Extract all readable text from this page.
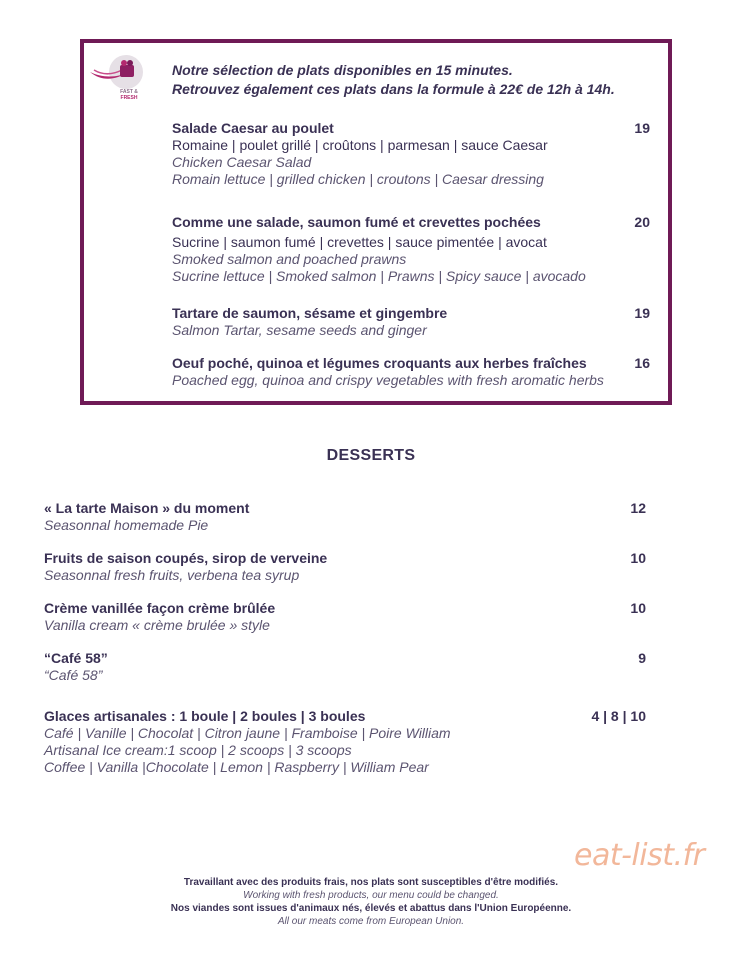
FAST &
FRESH
Notre sélection de plats disponibles en 15 minutes.
Retrouvez également ces plats dans la formule à 22€ de 12h à 14h.
Salade Caesar au poulet	19
Romaine | poulet grillé | croûtons | parmesan | sauce Caesar
Chicken Caesar Salad
Romain lettuce | grilled chicken | croutons | Caesar dressing
Comme une salade, saumon fumé et crevettes pochées	20
Sucrine | saumon fumé | crevettes | sauce pimentée | avocat
Smoked salmon and poached prawns
Sucrine lettuce | Smoked salmon | Prawns | Spicy sauce | avocado
Tartare de saumon, sésame et gingembre	19
Salmon Tartar, sesame seeds and ginger
Oeuf poché, quinoa et légumes croquants aux herbes fraîches	16
Poached egg, quinoa and crispy vegetables with fresh aromatic herbs
DESSERTS
« La tarte Maison » du moment	12
Seasonnal homemade Pie
Fruits de saison coupés, sirop de verveine	10
Seasonnal fresh fruits, verbena tea syrup
Crème vanillée façon crème brûlée	10
Vanilla cream « crème brulée » style
“Café 58”	9
“Café 58”
Glaces artisanales : 1 boule | 2 boules | 3 boules	4 | 8 | 10
Café | Vanille | Chocolat | Citron jaune | Framboise | Poire William
Artisanal Ice cream:1 scoop | 2 scoops | 3 scoops
Coffee | Vanilla |Chocolate | Lemon | Raspberry | William Pear
eat-list.fr
Travaillant avec des produits frais, nos plats sont susceptibles d'être modifiés.
Working with fresh products, our menu could be changed.
Nos viandes sont issues d'animaux nés, élevés et abattus dans l'Union Européenne.
All our meats come from European Union.
